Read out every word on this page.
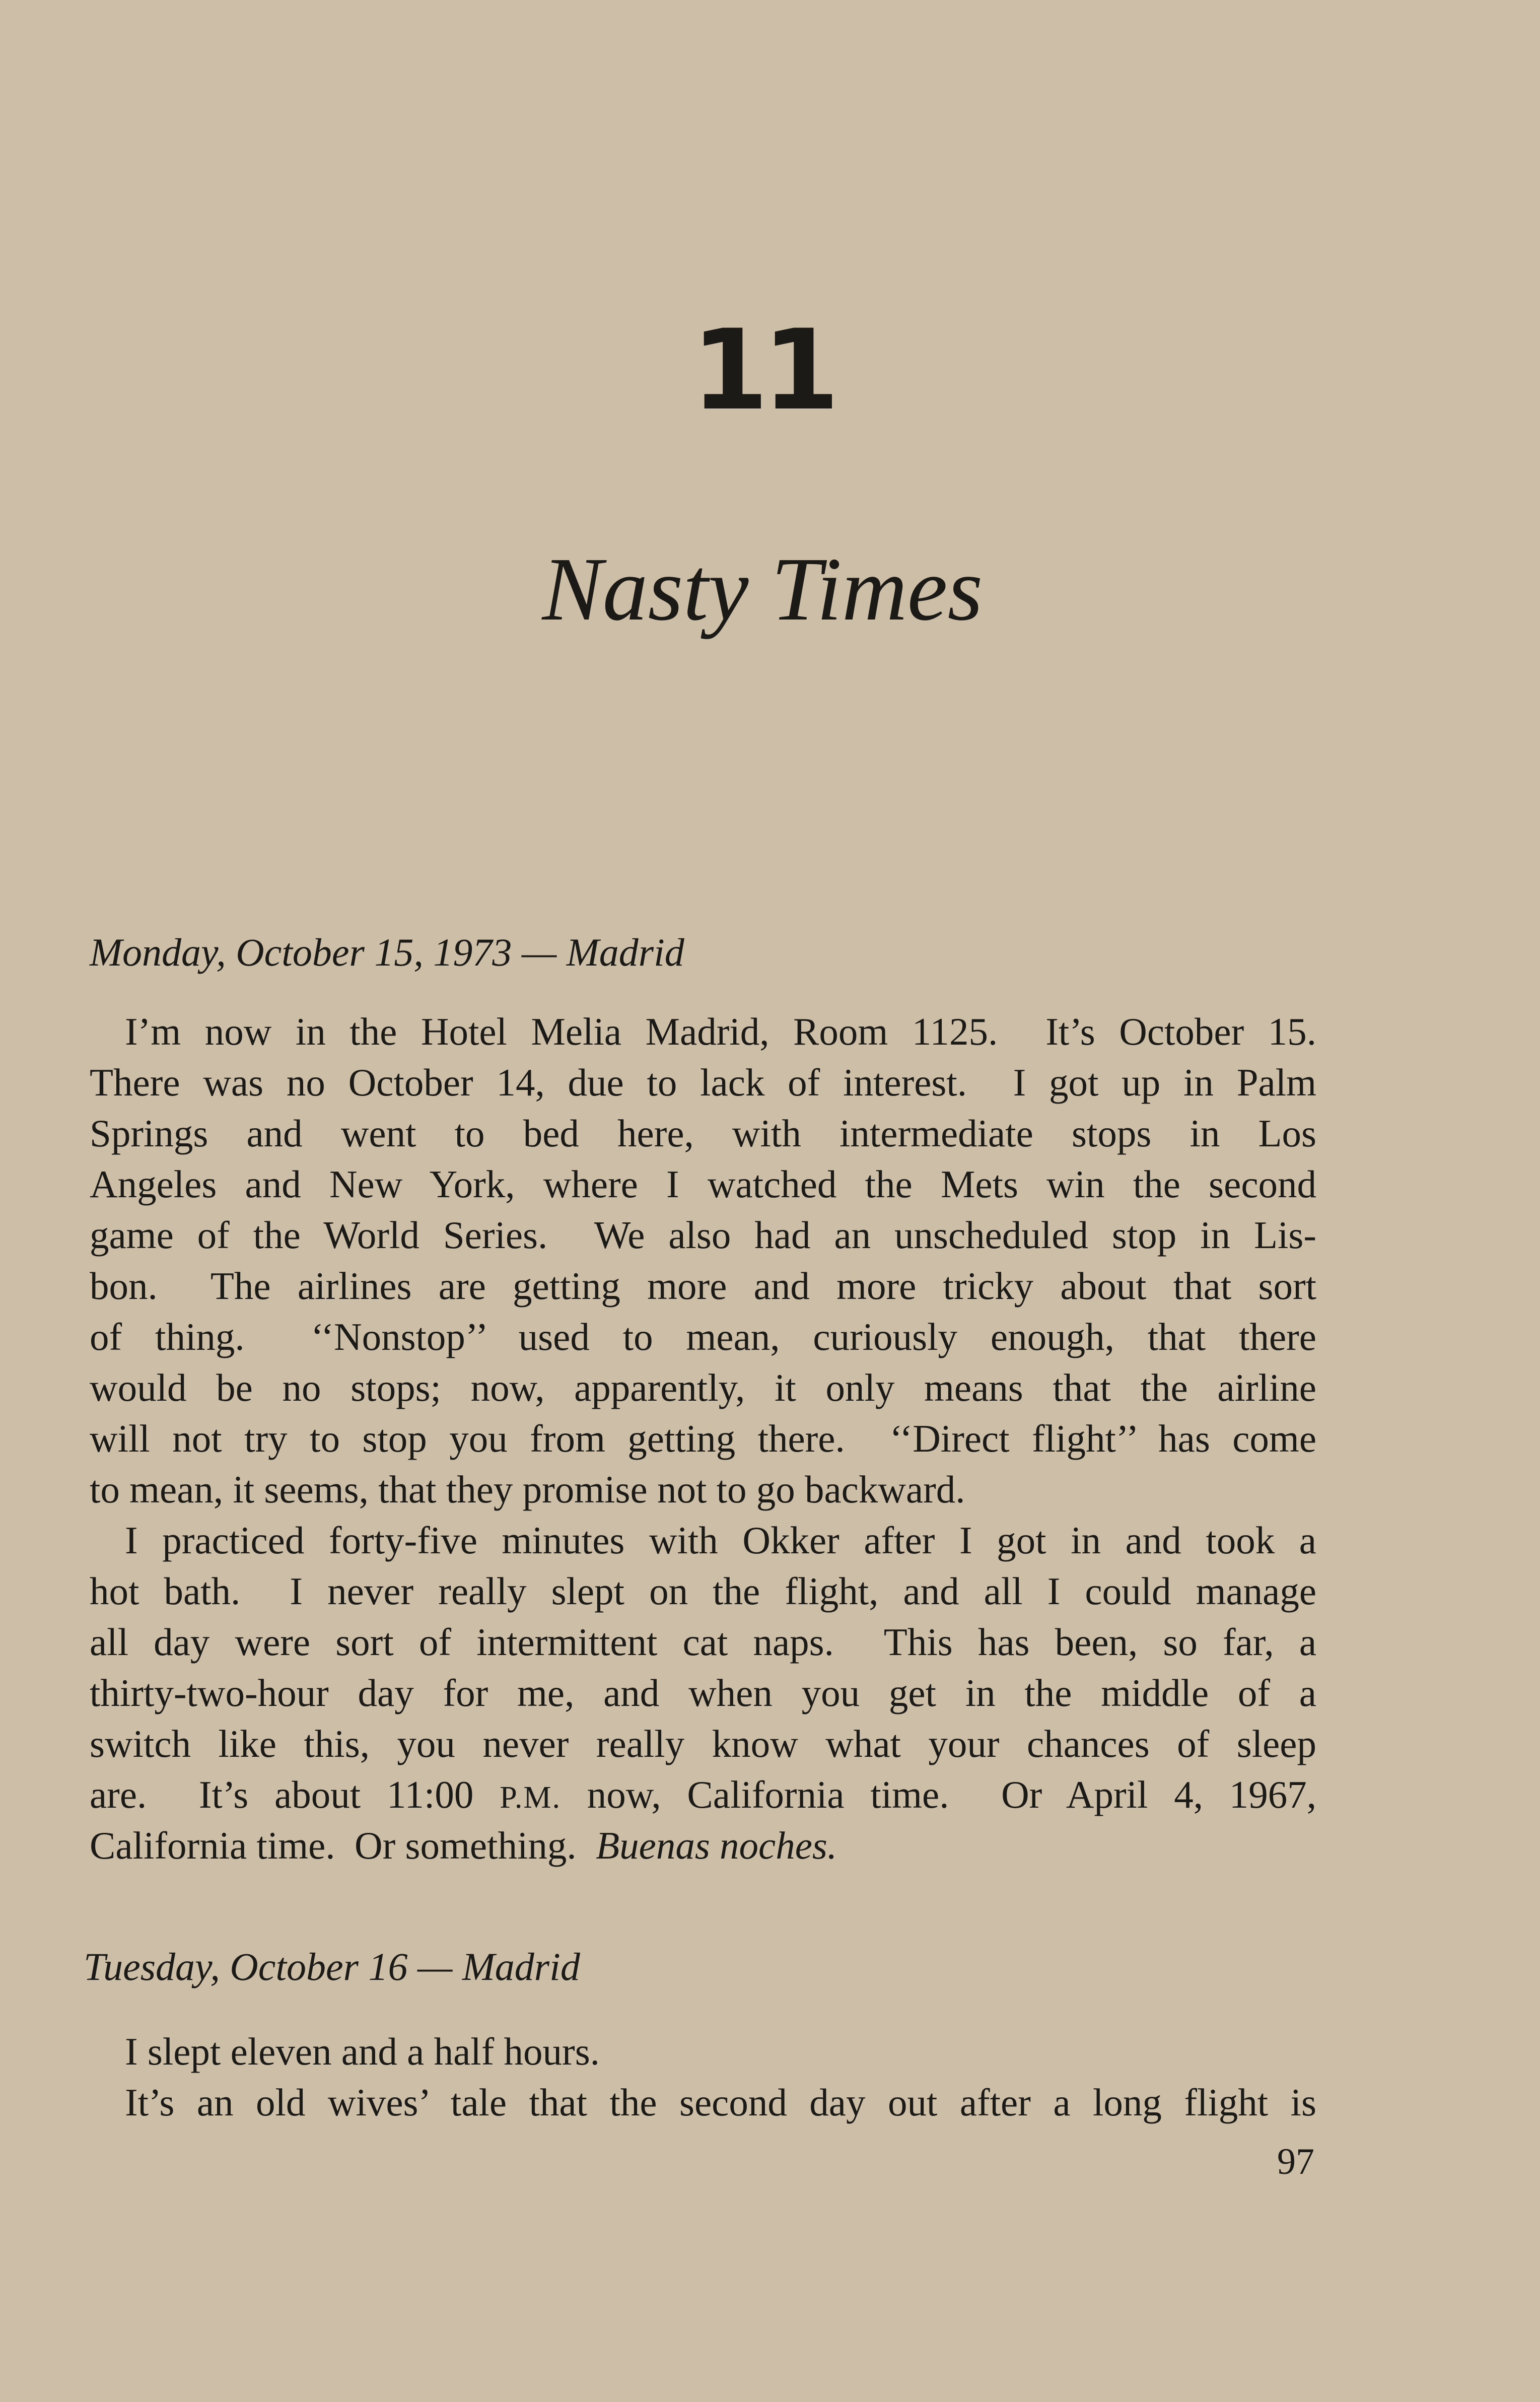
11
Nasty Times
Monday, October 15, 1973 — Madrid
I’m now in the Hotel Melia Madrid, Room 1125.  It’s October 15.
There was no October 14, due to lack of interest.  I got up in Palm
Springs and went to bed here, with intermediate stops in Los
Angeles and New York, where I watched the Mets win the second
game of the World Series.  We also had an unscheduled stop in Lis-
bon.  The airlines are getting more and more tricky about that sort
of thing.  ‘‘Nonstop’’ used to mean, curiously enough, that there
would be no stops; now, apparently, it only means that the airline
will not try to stop you from getting there.  ‘‘Direct flight’’ has come
to mean, it seems, that they promise not to go backward.
I practiced forty-five minutes with Okker after I got in and took a
hot bath.  I never really slept on the flight, and all I could manage
all day were sort of intermittent cat naps.  This has been, so far, a
thirty-two-hour day for me, and when you get in the middle of a
switch like this, you never really know what your chances of sleep
are.  It’s about 11:00 P.M. now, California time.  Or April 4, 1967,
California time.  Or something.  Buenas noches.
Tuesday, October 16 — Madrid
I slept eleven and a half hours.
It’s an old wives’ tale that the second day out after a long flight is
97
